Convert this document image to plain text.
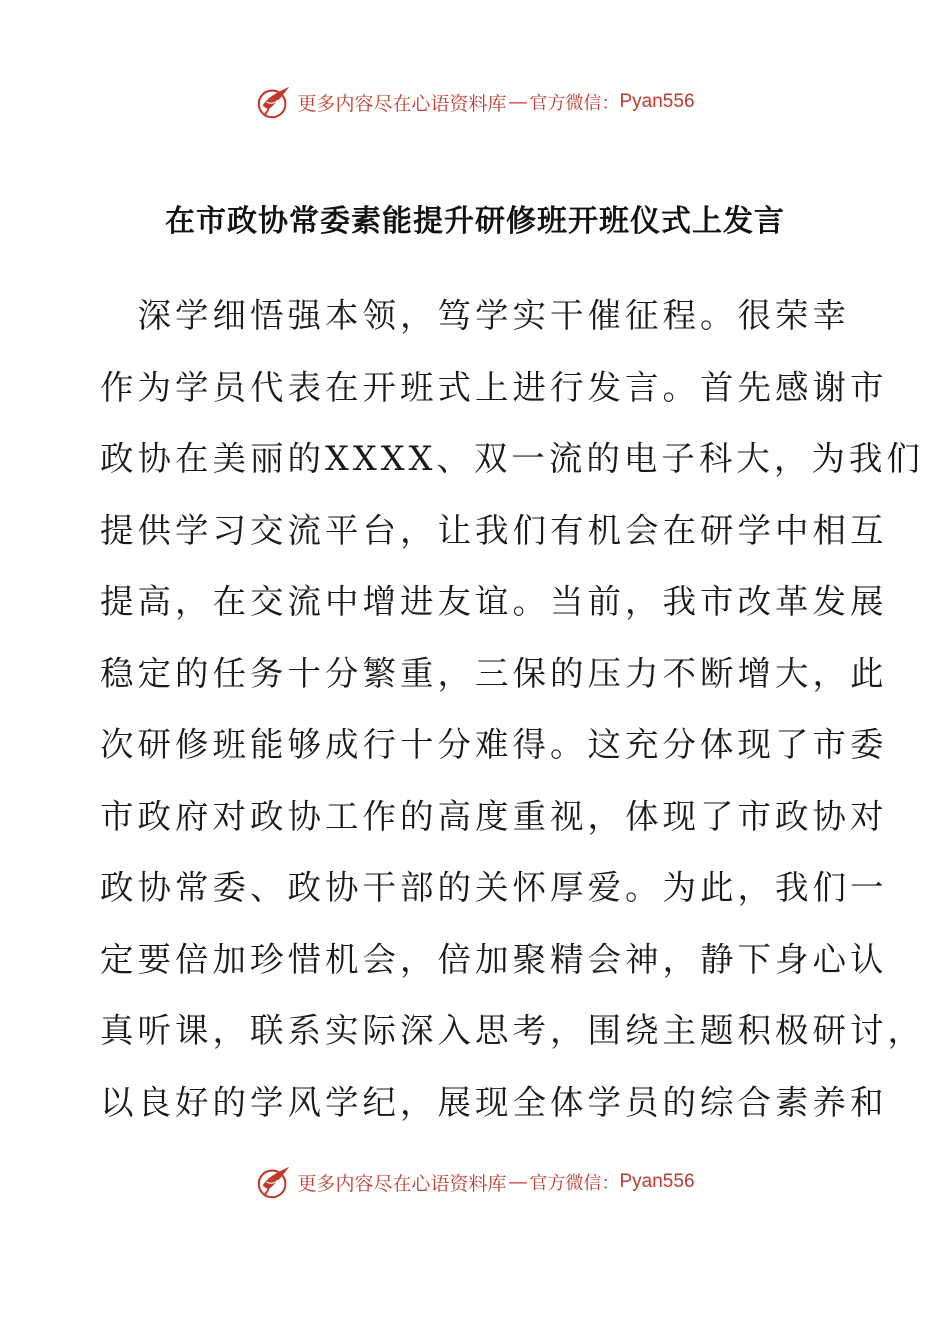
更多内容尽在心语资料库 — 官方微信： Pyan556
在市政协常委素能提升研修班开班仪式上发言
　深学细悟强本领，笃学实干催征程。很荣幸
作为学员代表在开班式上进行发言。首先感谢市
政协在美丽的XXXX、双一流的电子科大，为我们
提供学习交流平台，让我们有机会在研学中相互
提高，在交流中增进友谊。当前，我市改革发展
稳定的任务十分繁重，三保的压力不断增大，此
次研修班能够成行十分难得。这充分体现了市委
市政府对政协工作的高度重视，体现了市政协对
政协常委、政协干部的关怀厚爱。为此，我们一
定要倍加珍惜机会，倍加聚精会神，静下身心认
真听课，联系实际深入思考，围绕主题积极研讨，
以良好的学风学纪，展现全体学员的综合素养和
更多内容尽在心语资料库 — 官方微信： Pyan556
